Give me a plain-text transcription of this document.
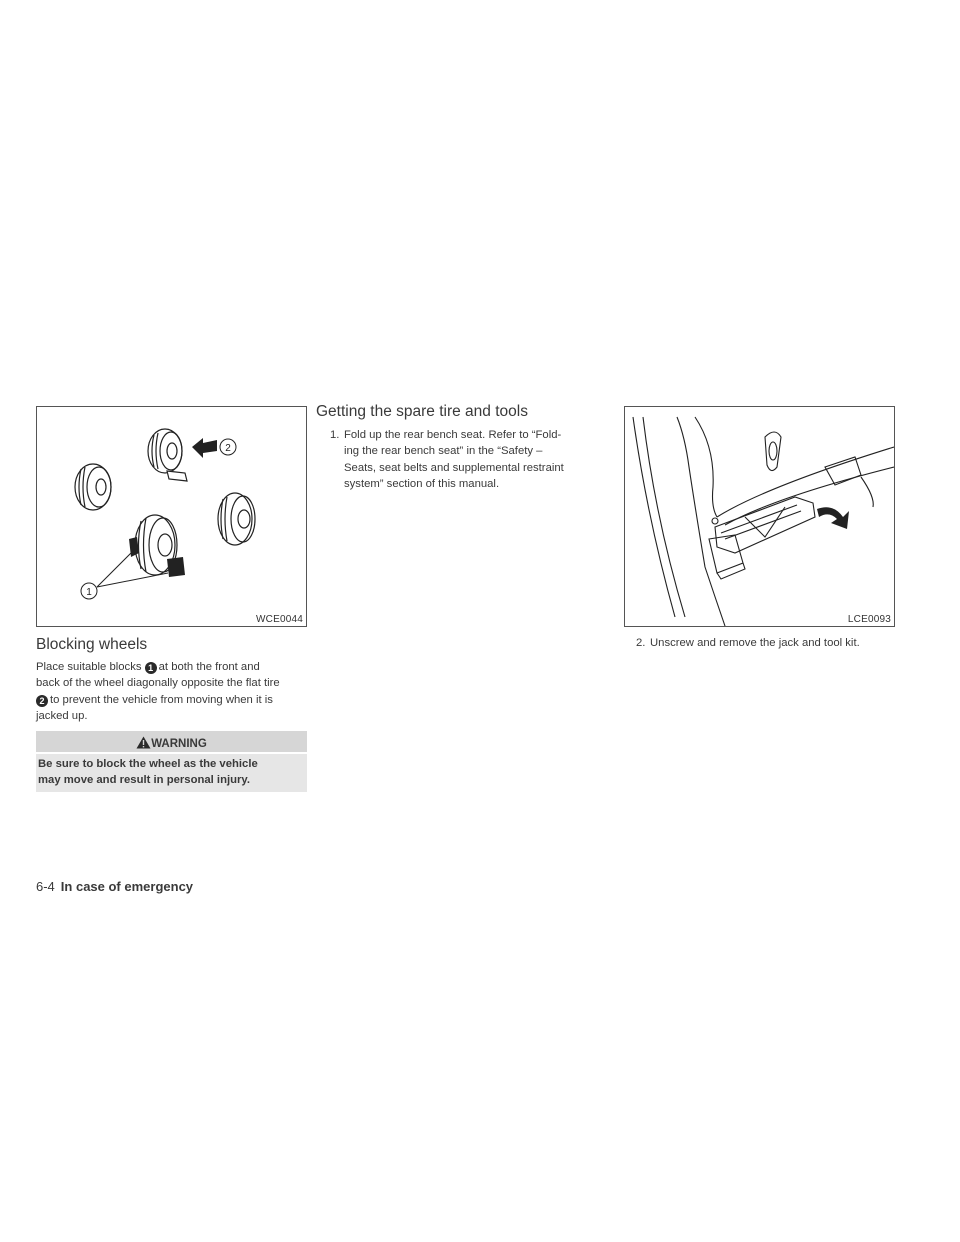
1
2
WCE0044	LCE0093
Blocking wheels
Place suitable blocks 1 at both the front and
back of the wheel diagonally opposite the flat tire
2 to prevent the vehicle from moving when it is
jacked up.
WARNING
Be sure to block the wheel as the vehicle
may move and result in personal injury.
Getting the spare tire and tools
1. Fold up the rear bench seat. Refer to “Fold-
ing the rear bench seat” in the “Safety –
Seats, seat belts and supplemental restraint
system” section of this manual.
2. Unscrew and remove the jack and tool kit.
6-4 In case of emergency
